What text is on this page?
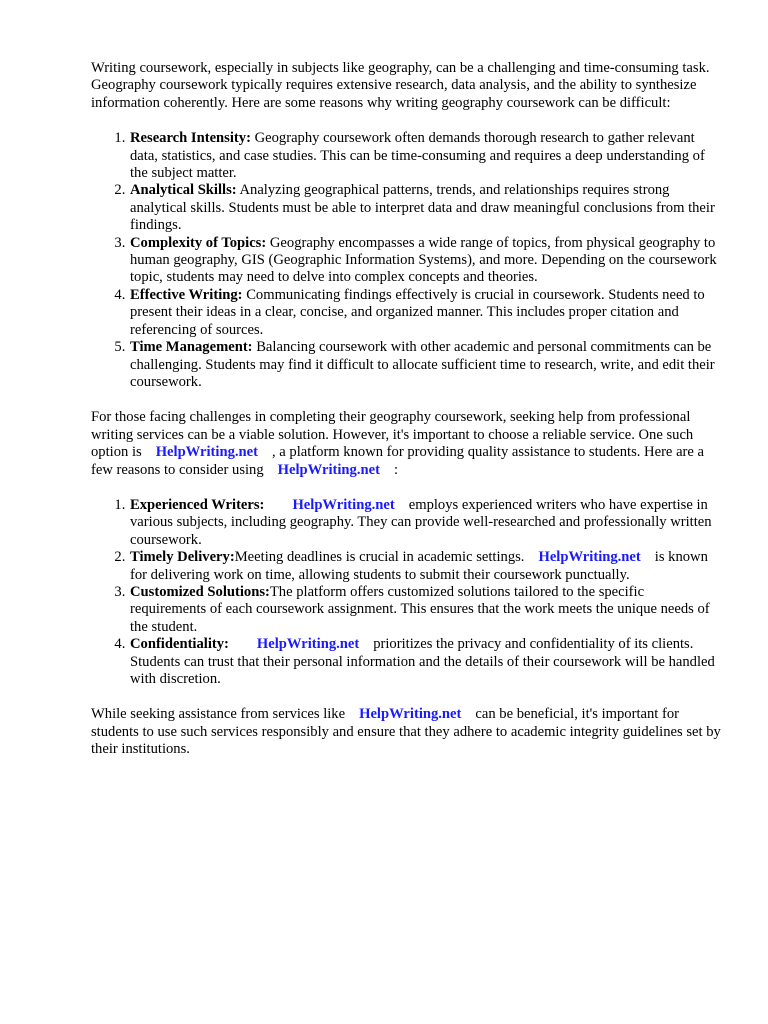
Writing coursework, especially in subjects like geography, can be a challenging and time-consuming task. Geography coursework typically requires extensive research, data analysis, and the ability to synthesize information coherently. Here are some reasons why writing geography coursework can be difficult:

1. Research Intensity: Geography coursework often demands thorough research to gather relevant data, statistics, and case studies. This can be time-consuming and requires a deep understanding of the subject matter.
2. Analytical Skills: Analyzing geographical patterns, trends, and relationships requires strong analytical skills. Students must be able to interpret data and draw meaningful conclusions from their findings.
3. Complexity of Topics: Geography encompasses a wide range of topics, from physical geography to human geography, GIS (Geographic Information Systems), and more. Depending on the coursework topic, students may need to delve into complex concepts and theories.
4. Effective Writing: Communicating findings effectively is crucial in coursework. Students need to present their ideas in a clear, concise, and organized manner. This includes proper citation and referencing of sources.
5. Time Management: Balancing coursework with other academic and personal commitments can be challenging. Students may find it difficult to allocate sufficient time to research, write, and edit their coursework.

For those facing challenges in completing their geography coursework, seeking help from professional writing services can be a viable solution. However, it's important to choose a reliable service. One such option is HelpWriting.net , a platform known for providing quality assistance to students. Here are a few reasons to consider using HelpWriting.net :

1. Experienced Writers: HelpWriting.net employs experienced writers who have expertise in various subjects, including geography. They can provide well-researched and professionally written coursework.
2. Timely Delivery:Meeting deadlines is crucial in academic settings. HelpWriting.net is known for delivering work on time, allowing students to submit their coursework punctually.
3. Customized Solutions:The platform offers customized solutions tailored to the specific requirements of each coursework assignment. This ensures that the work meets the unique needs of the student.
4. Confidentiality: HelpWriting.net prioritizes the privacy and confidentiality of its clients. Students can trust that their personal information and the details of their coursework will be handled with discretion.

While seeking assistance from services like HelpWriting.net can be beneficial, it's important for students to use such services responsibly and ensure that they adhere to academic integrity guidelines set by their institutions.
